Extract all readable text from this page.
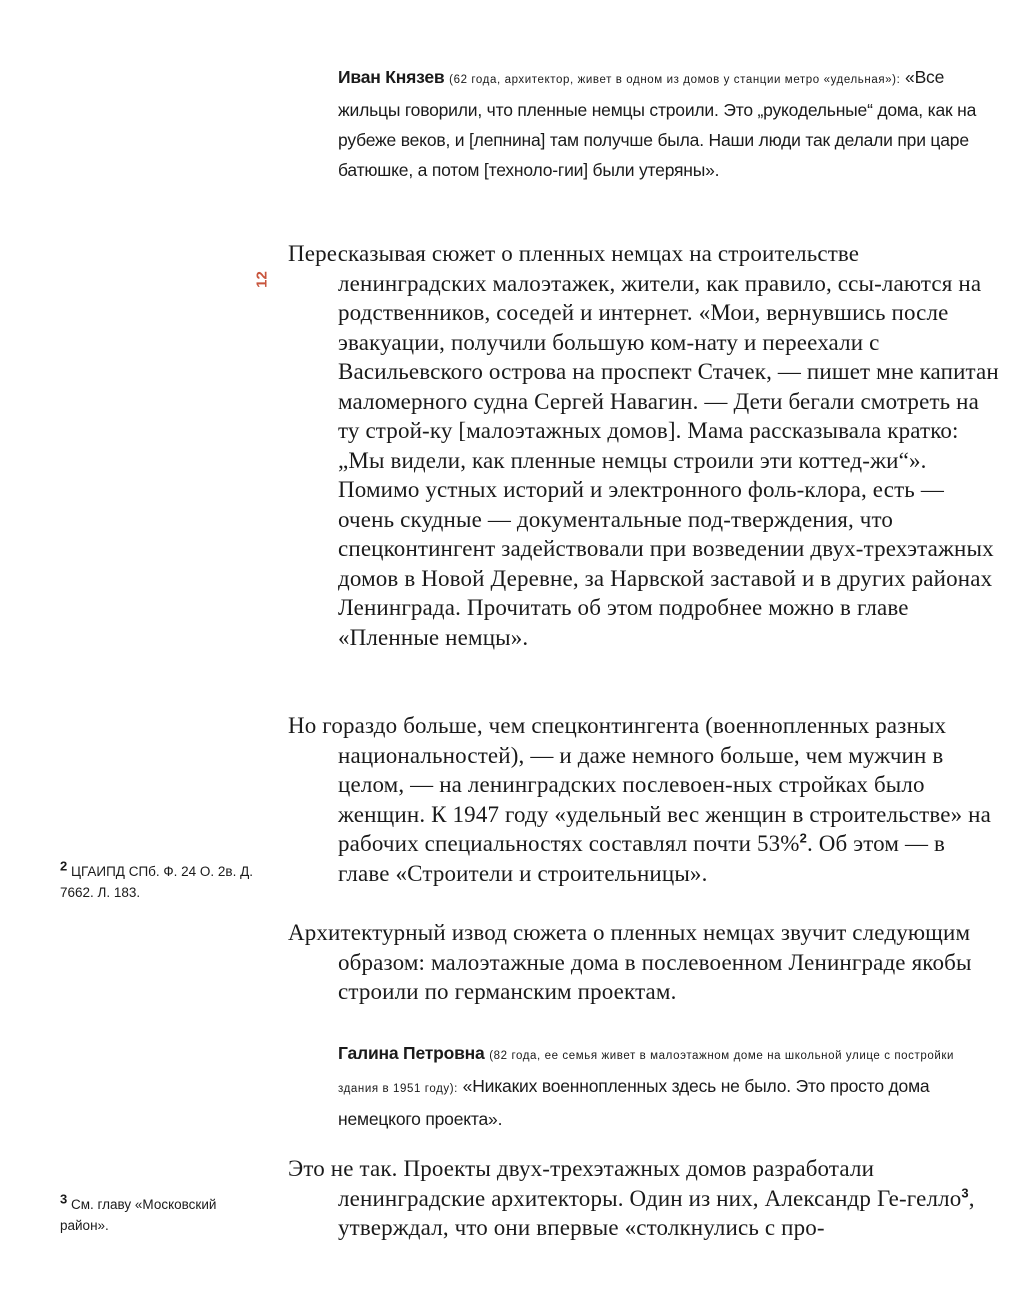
12
Иван Князев (62 года, архитектор, живет в одном из домов у станции метро «удельная»): «Все жильцы говорили, что пленные немцы строили. Это „рукодельные“ дома, как на рубеже веков, и [лепнина] там получше была. Наши люди так делали при царе батюшке, а потом [техноло-гии] были утеряны».
Пересказывая сюжет о пленных немцах на строительстве ленинградских малоэтажек, жители, как правило, ссы-лаются на родственников, соседей и интернет. «Мои, вернувшись после эвакуации, получили большую ком-нату и переехали с Васильевского острова на проспект Стачек, — пишет мне капитан маломерного судна Сергей Навагин. — Дети бегали смотреть на ту строй-ку [малоэтажных домов]. Мама рассказывала кратко: „Мы видели, как пленные немцы строили эти коттед-жи“». Помимо устных историй и электронного фоль-клора, есть — очень скудные — документальные под-тверждения, что спецконтингент задействовали при возведении двух-трехэтажных домов в Новой Деревне, за Нарвской заставой и в других районах Ленинграда. Прочитать об этом подробнее можно в главе «Пленные немцы».
Но гораздо больше, чем спецконтингента (военнопленных разных национальностей), — и даже немного больше, чем мужчин в целом, — на ленинградских послевоен-ных стройках было женщин. К 1947 году «удельный вес женщин в строительстве» на рабочих специальностях составлял почти 53%$^2$. Об этом — в главе «Строители и строительницы».
Архитектурный извод сюжета о пленных немцах звучит следующим образом: малоэтажные дома в послевоенном Ленинграде якобы строили по германским проектам.
Галина Петровна (82 года, ее семья живет в малоэтажном доме на школьной улице с постройки здания в 1951 году): «Никаких военнопленных здесь не было. Это просто дома немецкого проекта».
Это не так. Проекты двух-трехэтажных домов разработали ленинградские архитекторы. Один из них, Александр Ге-гелло$^3$, утверждал, что они впервые «столкнулись с про-
$^2$ ЦГАИПД СПб. Ф. 24 О. 2в. Д. 7662. Л. 183.
$^3$ См. главу «Московский район».
